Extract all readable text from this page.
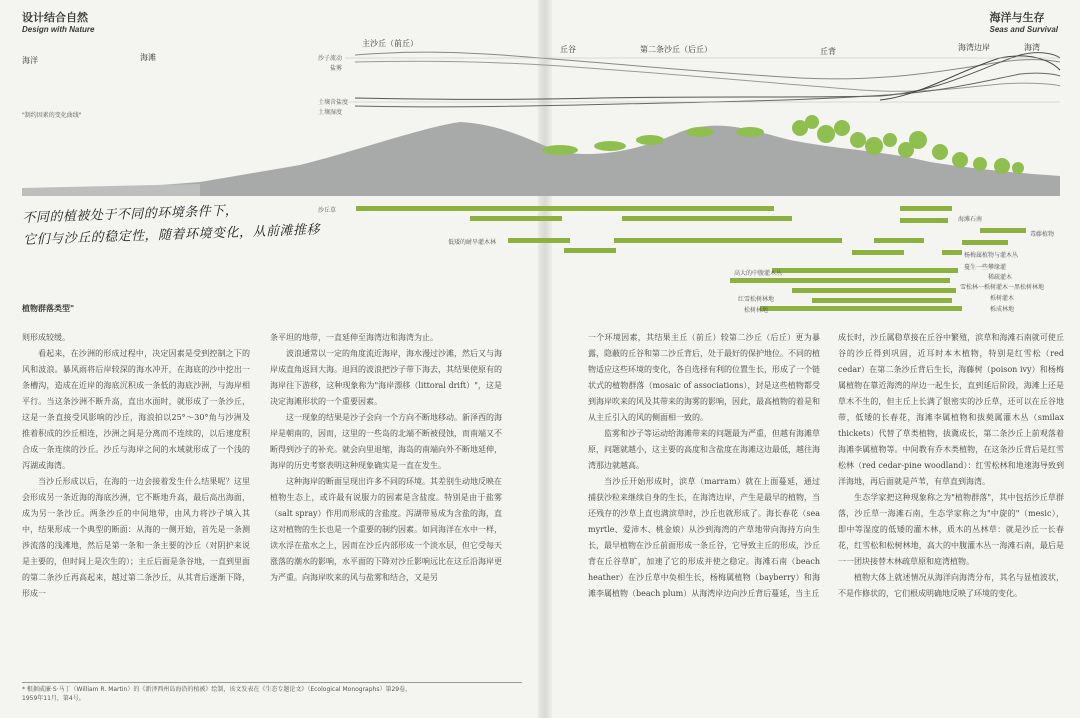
设计结合自然
Design with Nature
海洋与生存
Seas and Survival
海洋	海滩
主沙丘（前丘）
丘谷	第二条沙丘（后丘）	丘背	海湾边岸	海湾
沙子流动
盐雾
土壤含盐度
土壤湿度
"制约因素的变化曲线"
沙丘草
低矮的耐旱灌木林
海滩石南
毒藤植物
杨梅属植物与灌木丛
蔓生一些攀缘灌
稀疏灌木
高大的中腹灌木丛
红雪松树林地
雪松林一栎树灌木一黑松树林地
松树林地
栎树灌木
栎成林地
不同的植被处于不同的环境条件下，
它们与沙丘的稳定性，随着环境变化，从前滩推移
植物群落类型"

则形成较缓。

看起来，在沙洲的形成过程中，决定因素是受到控制之下的风和波浪。暴风雨将后岸较深的海水冲开，在海底的沙中挖出一条槽沟，造成在近岸的海底沉积成一条低的海底沙洲，与海岸相平行。当这条沙洲不断升高，直出水面时，就形成了一条沙丘，这是一条直接受风影响的沙丘，海浪拍以25°～30°角与沙洲及推着积成的沙丘相连，沙洲之间是分离而不连续的，以后速度积合成一条连续的沙丘。沙丘与海岸之间的水域就形成了一个浅的泻湖或海湾。

当沙丘形成以后，在海的一边会接着发生什么结果呢？这里会形成另一条近海的海底沙洲，它不断地升高，最后高出海面，成为另一条沙丘。两条沙丘的中间地带，由风力将沙子填入其中，结果形成一个典型的断面：从海的一侧开始，首先是一条测涉流落的浅滩地，然后是第一条和一条主要的沙丘（对阴护来说是主要的，但时间上是次生的）；主丘后面是条谷地，一直到里面的第二条沙丘再高起来，越过第二条沙丘，从其背后逐渐下降，形成一

条平坦的地带，一直延伸至海湾边和海湾为止。

波浪通常以一定的角度流近海岸，海水漫过沙滩，然后又与海岸成直角返回大海。退回的波浪把沙子带下海去，其结果使原有的海岸往下游移，这种现象称为"海岸漂移（littoral drift）"，这是决定海滩形状的一个重要因素。

这一现象的结果是沙子会向一个方向不断地移动。新泽西的海岸是朝南的，因而，这里的一些岛的北端不断被侵蚀，而南端又不断得到沙子的补充。就会向里退缩，海岛的南端向外不断地延伸，海岸的历史考察表明这种现象确实是一直在发生。

这种海岸的断面呈现出许多不同的环境。其差别生动地反映在植物生态上，或许最有说服力的因素是含盐度。特别是由于盐雾（salt spray）作用而形成的含盐度。泻湖带易成为含盐的海，直这对植物的生长也是一个重要的制约因素。如同海洋在水中一样，读水浮在盐水之上，因而在沙丘内部形成一个淡水层，但它受每天涨落的潮水的影响，水平面的下降对沙丘影响远比在这丘沿海岸更为严重。向海岸吹来的风与盐雾和结合，又是另

一个环境因素，其结果主丘（前丘）较第二沙丘（后丘）更为暴露，隐蔽的丘谷和第二沙丘背后，处于最好的保护地位。不同的植物适应这些环境的变化，各自选择有利的位置生长，形成了一个链状式的植物群落（mosaic of associations），封是这些植物都受到海岸吹来的风及其带来的海雾的影响，因此，最高植物的着是和从主丘引入的风的侧面相一致的。

监雾和沙子等运动给海滩带来的问题最为严重，但越有海滩草原，问题就越小，这主要的高度和含盐度在海滩这边最低，越往海湾那边就越高。

当沙丘开始形成时，滨草（marram）就在上面蔓延，通过捕获沙粒来继续自身的生长，在海湾边岸，产生是最早的植物，当还残存的沙草上直也满滨草时，沙丘也就形成了。海长春花（sea myrtle、爱沛木、桃金娘）从沙到海湾的产草地带向海持方向生长，最早植物在沙丘前面形成一条丘谷，它导致主丘的形成，沙丘背在丘谷草旷，加速了它的形成并使之稳定。海滩石南（beach heather）在沙丘草中奂相生长，杨梅属植物（bayberry）和海滩李属植物（beach plum）从海湾岸边向沙丘背后蔓延，当主丘

成长时，沙丘属稳草接在丘谷中繁殖，滨草和海滩石南就可使丘谷的沙丘得到巩固，近耳时本木植物，特别是红雪松（red cedar）在第二条沙丘背后生长，海藤树（poison ivy）和杨梅属植物在靠近海湾的岸边一起生长，直到延后阶段，海滩上还是草木不生的，但主丘上长满了银密实的沙丘草，还可以在丘谷地带，低矮的长春花，海滩李属植物和拔葜属灌木丛（smilax thickets）代替了草类植物，拔冀成长，第二条沙丘上前观落着海滩李属植物等。中间教有乔木类植物，在这条沙丘背后是红雪松林（red cedar-pine woodland）：红雪松林和地速海导致到洋海地，再后面就是芦苇，有草直到海湾。

生态学家把这种现象称之为"植物群落"，其中包括沙丘草群落，沙丘草一海滩石南，生态学家称之为"中旋的"（mesic），即中等湿度的低矮的灌木林，质木的丛林草：就是沙丘一长春花，红雪松和松树林地，高大的中腹灌木丛一海滩石南，最后是一一团块接替木林疏草原和庭湾植物。

植物大体上就述情况从海洋向海湾分布，其名与显植波状，不是作修状的，它们根成明确地反映了环境的变化。

* 根据威廉·S·马丁（William R. Martin）的《新泽西州岛海沿的植被》绘制，该文发表在《生态专题论文》（Ecological Monographs）第29卷，
1959年11月，第4号。
